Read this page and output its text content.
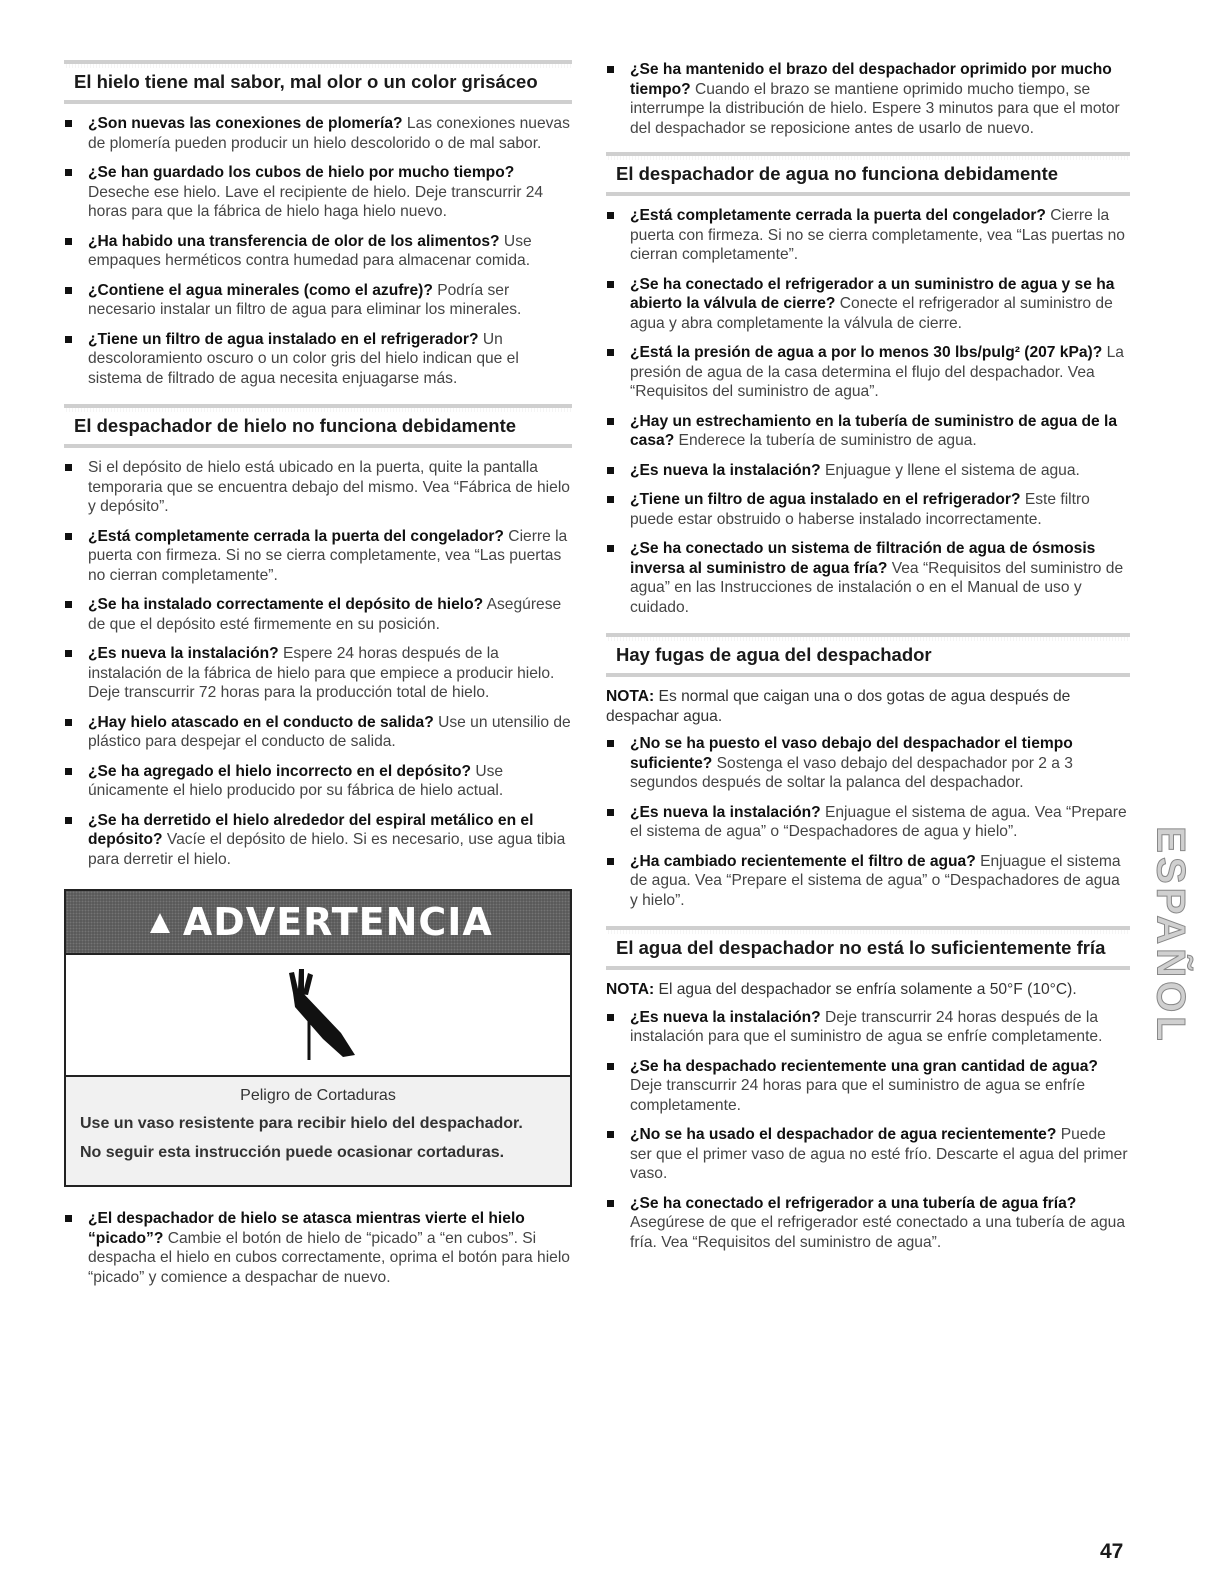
El hielo tiene mal sabor, mal olor o un color grisáceo
¿Son nuevas las conexiones de plomería? Las conexiones nuevas de plomería pueden producir un hielo descolorido o de mal sabor.
¿Se han guardado los cubos de hielo por mucho tiempo? Deseche ese hielo. Lave el recipiente de hielo. Deje transcurrir 24 horas para que la fábrica de hielo haga hielo nuevo.
¿Ha habido una transferencia de olor de los alimentos? Use empaques herméticos contra humedad para almacenar comida.
¿Contiene el agua minerales (como el azufre)? Podría ser necesario instalar un filtro de agua para eliminar los minerales.
¿Tiene un filtro de agua instalado en el refrigerador? Un descoloramiento oscuro o un color gris del hielo indican que el sistema de filtrado de agua necesita enjuagarse más.
El despachador de hielo no funciona debidamente
Si el depósito de hielo está ubicado en la puerta, quite la pantalla temporaria que se encuentra debajo del mismo. Vea “Fábrica de hielo y depósito”.
¿Está completamente cerrada la puerta del congelador? Cierre la puerta con firmeza. Si no se cierra completamente, vea “Las puertas no cierran completamente”.
¿Se ha instalado correctamente el depósito de hielo? Asegúrese de que el depósito esté firmemente en su posición.
¿Es nueva la instalación? Espere 24 horas después de la instalación de la fábrica de hielo para que empiece a producir hielo. Deje transcurrir 72 horas para la producción total de hielo.
¿Hay hielo atascado en el conducto de salida? Use un utensilio de plástico para despejar el conducto de salida.
¿Se ha agregado el hielo incorrecto en el depósito? Use únicamente el hielo producido por su fábrica de hielo actual.
¿Se ha derretido el hielo alrededor del espiral metálico en el depósito? Vacíe el depósito de hielo. Si es necesario, use agua tibia para derretir el hielo.
▲ ADVERTENCIA

Peligro de Cortaduras

Use un vaso resistente para recibir hielo del despachador.

No seguir esta instrucción puede ocasionar cortaduras.

¿El despachador de hielo se atasca mientras vierte el hielo “picado”? Cambie el botón de hielo de “picado” a “en cubos”. Si despacha el hielo en cubos correctamente, oprima el botón para hielo “picado” y comience a despachar de nuevo.
¿Se ha mantenido el brazo del despachador oprimido por mucho tiempo? Cuando el brazo se mantiene oprimido mucho tiempo, se interrumpe la distribución de hielo. Espere 3 minutos para que el motor del despachador se reposicione antes de usarlo de nuevo.
El despachador de agua no funciona debidamente
¿Está completamente cerrada la puerta del congelador? Cierre la puerta con firmeza. Si no se cierra completamente, vea “Las puertas no cierran completamente”.
¿Se ha conectado el refrigerador a un suministro de agua y se ha abierto la válvula de cierre? Conecte el refrigerador al suministro de agua y abra completamente la válvula de cierre.
¿Está la presión de agua a por lo menos 30 lbs/pulg² (207 kPa)? La presión de agua de la casa determina el flujo del despachador. Vea “Requisitos del suministro de agua”.
¿Hay un estrechamiento en la tubería de suministro de agua de la casa? Enderece la tubería de suministro de agua.
¿Es nueva la instalación? Enjuague y llene el sistema de agua.
¿Tiene un filtro de agua instalado en el refrigerador? Este filtro puede estar obstruido o haberse instalado incorrectamente.
¿Se ha conectado un sistema de filtración de agua de ósmosis inversa al suministro de agua fría? Vea “Requisitos del suministro de agua” en las Instrucciones de instalación o en el Manual de uso y cuidado.
Hay fugas de agua del despachador

NOTA: Es normal que caigan una o dos gotas de agua después de despachar agua.

¿No se ha puesto el vaso debajo del despachador el tiempo suficiente? Sostenga el vaso debajo del despachador por 2 a 3 segundos después de soltar la palanca del despachador.
¿Es nueva la instalación? Enjuague el sistema de agua. Vea “Prepare el sistema de agua” o “Despachadores de agua y hielo”.
¿Ha cambiado recientemente el filtro de agua? Enjuague el sistema de agua. Vea “Prepare el sistema de agua” o “Despachadores de agua y hielo”.
El agua del despachador no está lo suficientemente fría

NOTA: El agua del despachador se enfría solamente a 50°F (10°C).

¿Es nueva la instalación? Deje transcurrir 24 horas después de la instalación para que el suministro de agua se enfríe completamente.
¿Se ha despachado recientemente una gran cantidad de agua? Deje transcurrir 24 horas para que el suministro de agua se enfríe completamente.
¿No se ha usado el despachador de agua recientemente? Puede ser que el primer vaso de agua no esté frío. Descarte el agua del primer vaso.
¿Se ha conectado el refrigerador a una tubería de agua fría? Asegúrese de que el refrigerador esté conectado a una tubería de agua fría. Vea “Requisitos del suministro de agua”.
ESPAÑOL
47
